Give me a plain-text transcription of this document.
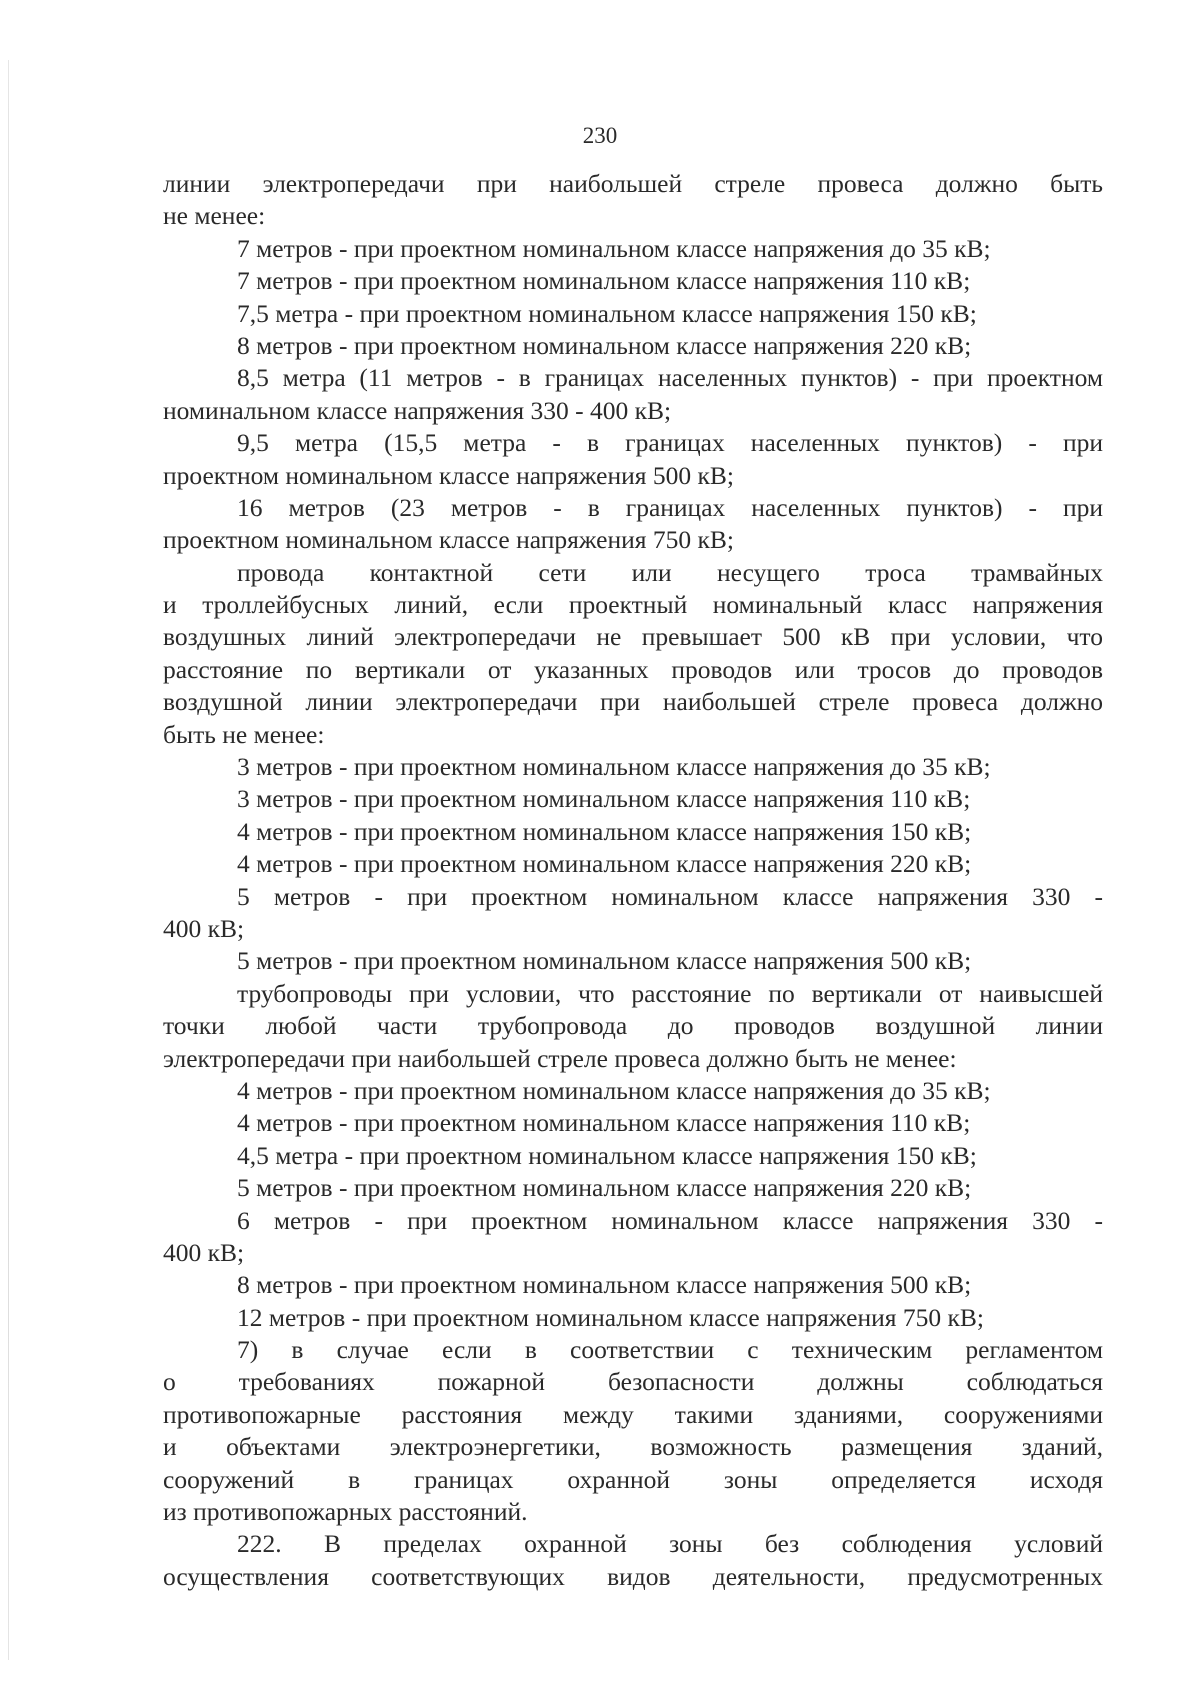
230
линии электропередачи при наибольшей стреле провеса должно быть
не менее:
7 метров - при проектном номинальном классе напряжения до 35 кВ;
7 метров - при проектном номинальном классе напряжения 110 кВ;
7,5 метра - при проектном номинальном классе напряжения 150 кВ;
8 метров - при проектном номинальном классе напряжения 220 кВ;
8,5 метра (11 метров - в границах населенных пунктов) - при проектном
номинальном классе напряжения 330 - 400 кВ;
9,5 метра (15,5 метра - в границах населенных пунктов) - при
проектном номинальном классе напряжения 500 кВ;
16 метров (23 метров - в границах населенных пунктов) - при
проектном номинальном классе напряжения 750 кВ;
провода контактной сети или несущего троса трамвайных
и троллейбусных линий, если проектный номинальный класс напряжения
воздушных линий электропередачи не превышает 500 кВ при условии, что
расстояние по вертикали от указанных проводов или тросов до проводов
воздушной линии электропередачи при наибольшей стреле провеса должно
быть не менее:
3 метров - при проектном номинальном классе напряжения до 35 кВ;
3 метров - при проектном номинальном классе напряжения 110 кВ;
4 метров - при проектном номинальном классе напряжения 150 кВ;
4 метров - при проектном номинальном классе напряжения 220 кВ;
5 метров - при проектном номинальном классе напряжения 330 -
400 кВ;
5 метров - при проектном номинальном классе напряжения 500 кВ;
трубопроводы при условии, что расстояние по вертикали от наивысшей
точки любой части трубопровода до проводов воздушной линии
электропередачи при наибольшей стреле провеса должно быть не менее:
4 метров - при проектном номинальном классе напряжения до 35 кВ;
4 метров - при проектном номинальном классе напряжения 110 кВ;
4,5 метра - при проектном номинальном классе напряжения 150 кВ;
5 метров - при проектном номинальном классе напряжения 220 кВ;
6 метров - при проектном номинальном классе напряжения 330 -
400 кВ;
8 метров - при проектном номинальном классе напряжения 500 кВ;
12 метров - при проектном номинальном классе напряжения 750 кВ;
7) в случае если в соответствии с техническим регламентом
о требованиях пожарной безопасности должны соблюдаться
противопожарные расстояния между такими зданиями, сооружениями
и объектами электроэнергетики, возможность размещения зданий,
сооружений в границах охранной зоны определяется исходя
из противопожарных расстояний.
222. В пределах охранной зоны без соблюдения условий
осуществления соответствующих видов деятельности, предусмотренных
